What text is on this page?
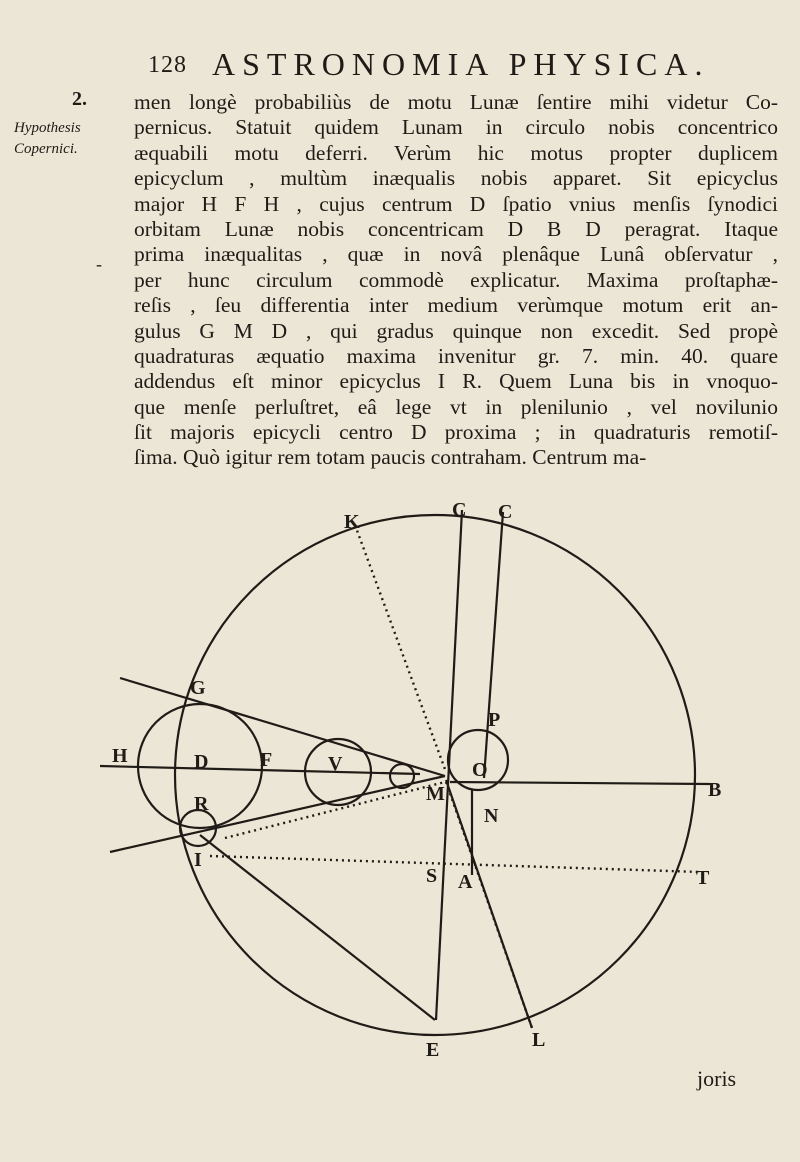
128 ASTRONOMIA PHYSICA.
2.
Hypothesis
Copernici.
-
men longè probabiliùs de motu Lunæ ſentire mihi videtur Co-
pernicus. Statuit quidem Lunam in circulo nobis concentrico
æquabili motu deferri. Verùm hic motus propter duplicem
epicyclum , multùm inæqualis nobis apparet. Sit epicyclus
major H F H , cujus centrum D ſpatio vnius menſis ſynodici
orbitam Lunæ nobis concentricam D B D peragrat. Itaque
prima inæqualitas , quæ in novâ plenâque Lunâ obſervatur ,
per hunc circulum commodè explicatur. Maxima proſtaphæ-
reſis , ſeu differentia inter medium verùmque motum erit an-
gulus G M D , qui gradus quinque non excedit. Sed propè
quadraturas æquatio maxima invenitur gr. 7. min. 40. quare
addendus eſt minor epicyclus I R. Quem Luna bis in vnoquo-
que menſe perluſtret, eâ lege vt in plenilunio , vel novilunio
ſit majoris epicycli centro D proxima ; in quadraturis remotiſ-
ſima. Quò igitur rem totam paucis contraham. Centrum ma-
K
C C
G
H	D	F	V
M
O
P
N
B
R
I
S A	T
E	L
joris
